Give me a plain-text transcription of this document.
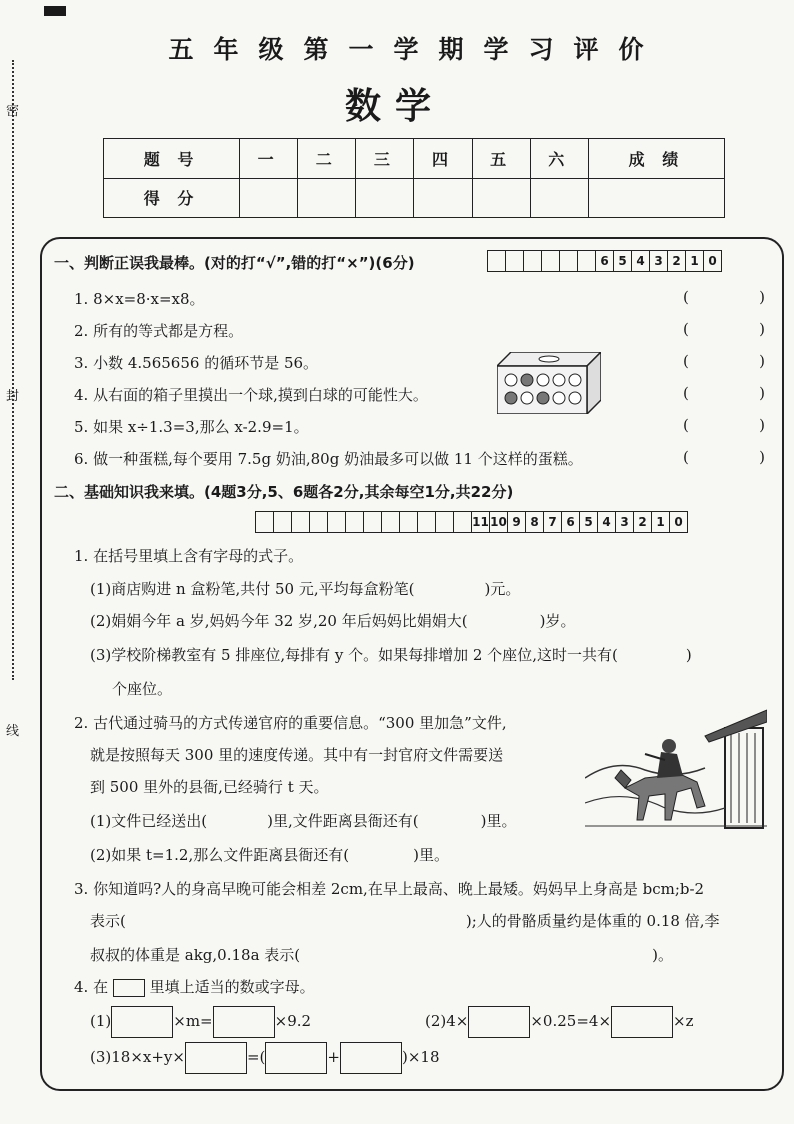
密
封
线
五年级第一学期学习评价
数学
题 号	一	二	三	四	五	六	成 绩
得 分							
一、判断正误我最棒。(对的打“√”,错的打“×”)(6分)	6 5 4 3 2 1 0
1. 8×x=8·x=x8。	(	)
2. 所有的等式都是方程。	(	)
3. 小数 4.565656 的循环节是 56。	(	)
4. 从右面的箱子里摸出一个球,摸到白球的可能性大。	(	)
5. 如果 x÷1.3=3,那么 x-2.9=1。	(	)
6. 做一种蛋糕,每个要用 7.5g 奶油,80g 奶油最多可以做 11 个这样的蛋糕。	(	)
二、基础知识我来填。(4题3分,5、6题各2分,其余每空1分,共22分)
11 10 9 8 7 6 5 4 3 2 1 0
1. 在括号里填上含有字母的式子。
(1)商店购进 n 盒粉笔,共付 50 元,平均每盒粉笔(	)元。
(2)娟娟今年 a 岁,妈妈今年 32 岁,20 年后妈妈比娟娟大(	)岁。
(3)学校阶梯教室有 5 排座位,每排有 y 个。如果每排增加 2 个座位,这时一共有(	)
个座位。
2. 古代通过骑马的方式传递官府的重要信息。“300 里加急”文件,
就是按照每天 300 里的速度传递。其中有一封官府文件需要送
到 500 里外的县衙,已经骑行 t 天。
(1)文件已经送出(	)里,文件距离县衙还有(	)里。
(2)如果 t=1.2,那么文件距离县衙还有(	)里。
3. 你知道吗?人的身高早晚可能会相差 2cm,在早上最高、晚上最矮。妈妈早上身高是 bcm;b-2
表示(	);人的骨骼质量约是体重的 0.18 倍,李
叔叔的体重是 akg,0.18a 表示(	)。
4. 在	里填上适当的数或字母。
(1)	×m=	×9.2	(2)4×	×0.25=4×	×z
(3)18×x+y×	=(	+	)×18
